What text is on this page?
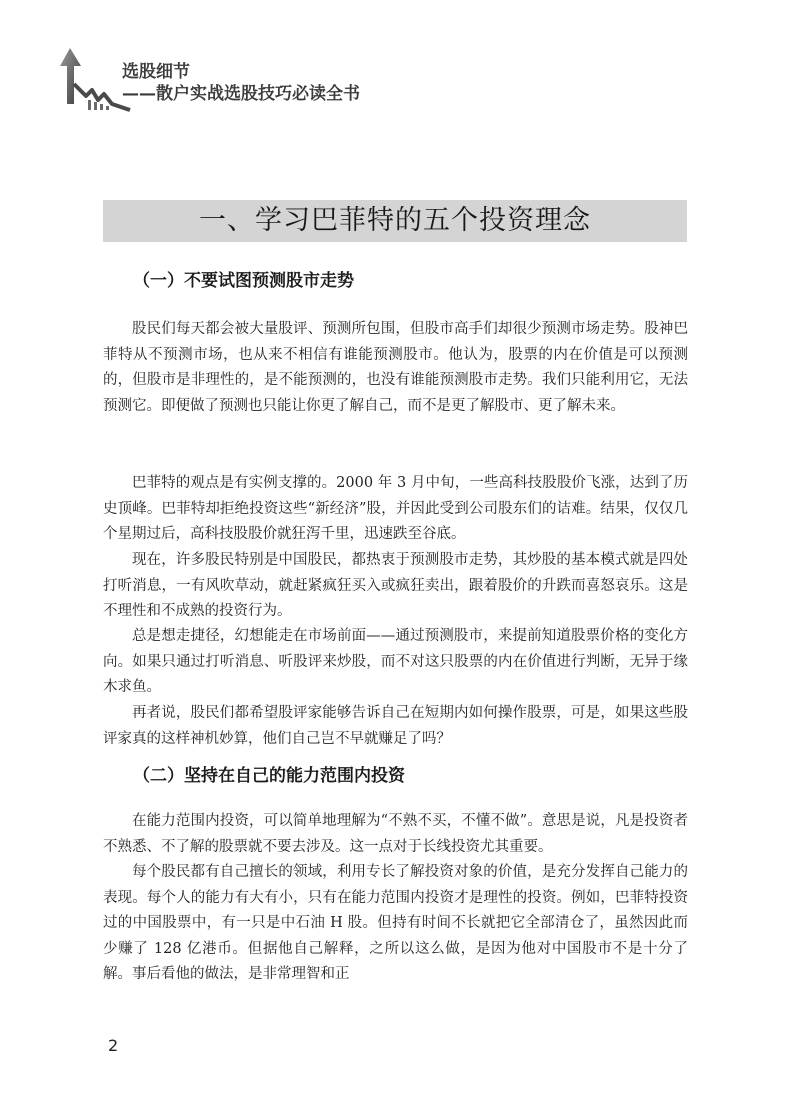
选股细节
——散户实战选股技巧必读全书
一、学习巴菲特的五个投资理念
（一）不要试图预测股市走势
股民们每天都会被大量股评、预测所包围，但股市高手们却很少预测市场走势。股神巴菲特从不预测市场，也从来不相信有谁能预测股市。他认为，股票的内在价值是可以预测的，但股市是非理性的，是不能预测的，也没有谁能预测股市走势。我们只能利用它，无法预测它。即便做了预测也只能让你更了解自己，而不是更了解股市、更了解未来。
巴菲特的观点是有实例支撑的。2000 年 3 月中旬，一些高科技股股价飞涨，达到了历史顶峰。巴菲特却拒绝投资这些“新经济”股，并因此受到公司股东们的诘难。结果，仅仅几个星期过后，高科技股股价就狂泻千里，迅速跌至谷底。
现在，许多股民特别是中国股民，都热衷于预测股市走势，其炒股的基本模式就是四处打听消息，一有风吹草动，就赶紧疯狂买入或疯狂卖出，跟着股价的升跌而喜怒哀乐。这是不理性和不成熟的投资行为。
总是想走捷径，幻想能走在市场前面——通过预测股市，来提前知道股票价格的变化方向。如果只通过打听消息、听股评来炒股，而不对这只股票的内在价值进行判断，无异于缘木求鱼。
再者说，股民们都希望股评家能够告诉自己在短期内如何操作股票，可是，如果这些股评家真的这样神机妙算，他们自己岂不早就赚足了吗？
（二）坚持在自己的能力范围内投资
在能力范围内投资，可以简单地理解为“不熟不买，不懂不做”。意思是说，凡是投资者不熟悉、不了解的股票就不要去涉及。这一点对于长线投资尤其重要。
每个股民都有自己擅长的领域，利用专长了解投资对象的价值，是充分发挥自己能力的表现。每个人的能力有大有小，只有在能力范围内投资才是理性的投资。例如，巴菲特投资过的中国股票中，有一只是中石油 H 股。但持有时间不长就把它全部清仓了，虽然因此而少赚了 128 亿港币。但据他自己解释，之所以这么做，是因为他对中国股市不是十分了解。事后看他的做法，是非常理智和正
2
